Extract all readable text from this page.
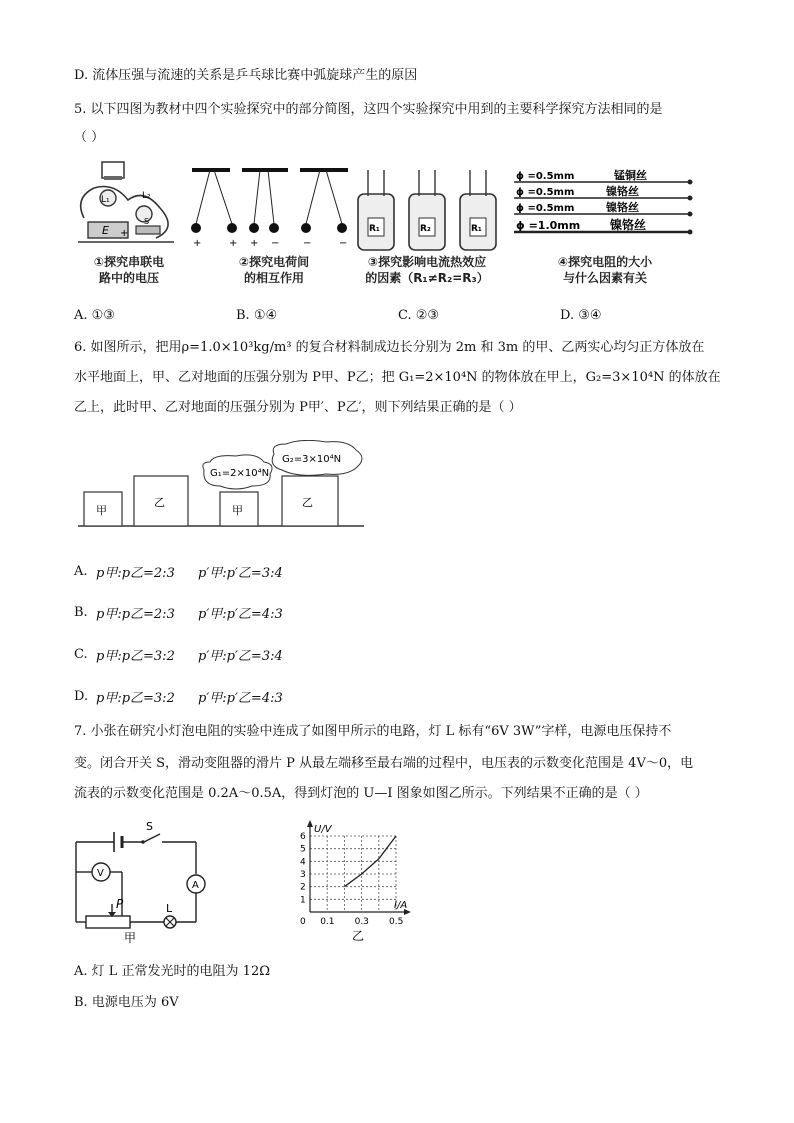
D. 流体压强与流速的关系是乒乓球比赛中弧旋球产生的原因
5. 以下四图为教材中四个实验探究中的部分简图，这四个实验探究中用到的主要科学探究方法相同的是
（ ）
L₁	L₂
E +
S
①探究串联电
路中的电压
+	+ + − −	−
②探究电荷间
的相互作用
R₁	R₂	R₁
③探究影响电流热效应
的因素（R₁≠R₂=R₃）
ϕ =0.5mm	锰铜丝
ϕ =0.5mm	镍铬丝
ϕ =0.5mm	镍铬丝
ϕ =1.0mm 镍铬丝
④探究电阻的大小
与什么因素有关
A. ①③	B. ①④	C. ②③	D. ③④
6. 如图所示，把用ρ=1.0×10³kg/m³ 的复合材料制成边长分别为 2m 和 3m 的甲、乙两实心均匀正方体放在
水平地面上，甲、乙对地面的压强分别为 P甲、P乙；把 G₁=2×10⁴N 的物体放在甲上，G₂=3×10⁴N 的体放在
乙上，此时甲、乙对地面的压强分别为 P甲′、P乙′，则下列结果正确的是（ ）
甲
乙
甲
乙
G₁=2×10⁴N
G₂=3×10⁴N
A. p甲:p乙=2:3	p′甲:p′乙=3:4
B. p甲:p乙=2:3	p′甲:p′乙=4:3
C. p甲:p乙=3:2	p′甲:p′乙=3:4
D. p甲:p乙=3:2	p′甲:p′乙=4:3
7. 小张在研究小灯泡电阻的实验中连成了如图甲所示的电路，灯 L 标有“6V 3W”字样，电源电压保持不
变。闭合开关 S，滑动变阻器的滑片 P 从最左端移至最右端的过程中，电压表的示数变化范围是 4V～0，电
流表的示数变化范围是 0.2A～0.5A，得到灯泡的 U—I 图象如图乙所示。下列结果不正确的是（ ）
S
V
A
P	L
甲
U/V
I/A
1
2
3
4
5
6
0 0.1 0.3 0.5
乙
A. 灯 L 正常发光时的电阻为 12Ω
B. 电源电压为 6V
